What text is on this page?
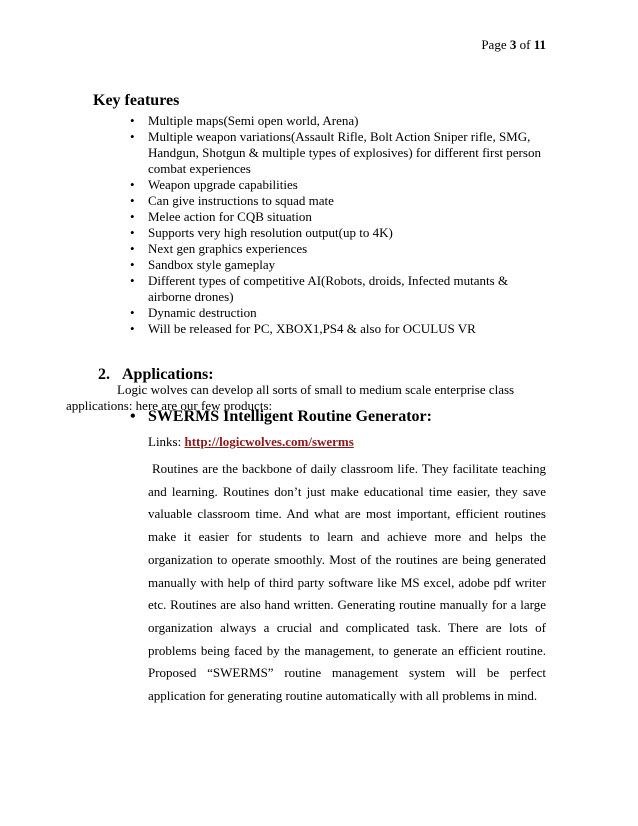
Page 3 of 11
Key features
• Multiple maps(Semi open world, Arena)
• Multiple weapon variations(Assault Rifle, Bolt Action Sniper rifle, SMG, Handgun, Shotgun & multiple types of explosives) for different first person combat experiences
• Weapon upgrade capabilities
• Can give instructions to squad mate
• Melee action for CQB situation
• Supports very high resolution output(up to 4K)
• Next gen graphics experiences
• Sandbox style gameplay
• Different types of competitive AI(Robots, droids, Infected mutants & airborne drones)
• Dynamic destruction
• Will be released for PC, XBOX1,PS4 & also for OCULUS VR
2. Applications:

Logic wolves can develop all sorts of small to medium scale enterprise class applications: here are our few products:

• SWERMS Intelligent Routine Generator:
Links: http://logicwolves.com/swerms

Routines are the backbone of daily classroom life. They facilitate teaching and learning. Routines don’t just make educational time easier, they save valuable classroom time. And what are most important, efficient routines make it easier for students to learn and achieve more and helps the organization to operate smoothly. Most of the routines are being generated manually with help of third party software like MS excel, adobe pdf writer etc. Routines are also hand written. Generating routine manually for a large organization always a crucial and complicated task. There are lots of problems being faced by the management, to generate an efficient routine. Proposed “SWERMS” routine management system will be perfect application for generating routine automatically with all problems in mind.
